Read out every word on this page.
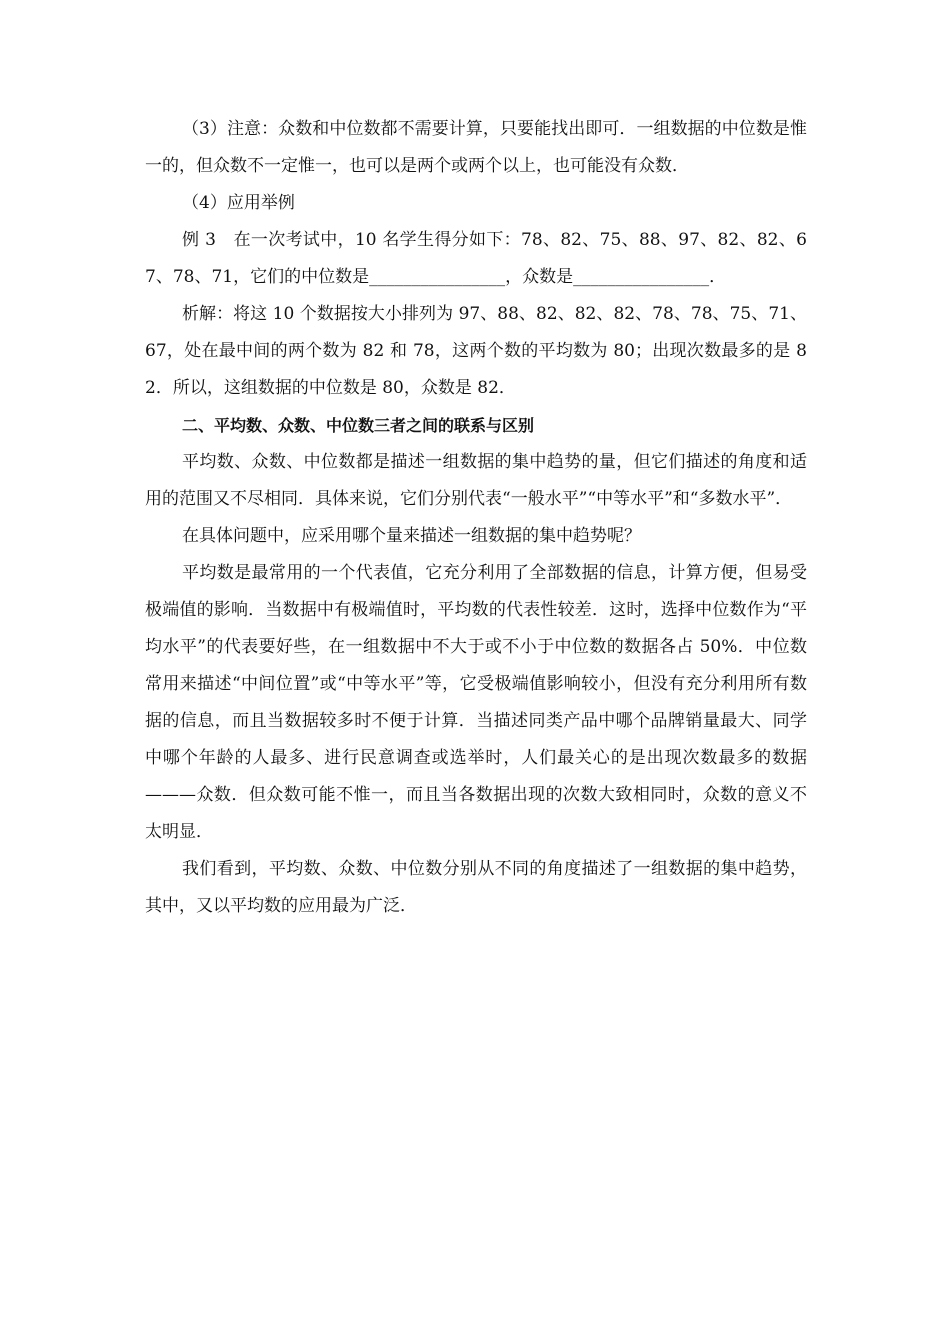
（3）注意：众数和中位数都不需要计算，只要能找出即可．一组数据的中位数是惟一的，但众数不一定惟一，也可以是两个或两个以上，也可能没有众数．

（4）应用举例

例 3　在一次考试中，10 名学生得分如下：78、82、75、88、97、82、82、67、78、71，它们的中位数是________________，众数是________________．

析解：将这 10 个数据按大小排列为 97、88、82、82、82、78、78、75、71、67，处在最中间的两个数为 82 和 78，这两个数的平均数为 80；出现次数最多的是 82．所以，这组数据的中位数是 80，众数是 82．

二、平均数、众数、中位数三者之间的联系与区别

平均数、众数、中位数都是描述一组数据的集中趋势的量，但它们描述的角度和适用的范围又不尽相同．具体来说，它们分别代表“一般水平”“中等水平”和“多数水平”．

在具体问题中，应采用哪个量来描述一组数据的集中趋势呢？

平均数是最常用的一个代表值，它充分利用了全部数据的信息，计算方便，但易受极端值的影响．当数据中有极端值时，平均数的代表性较差．这时，选择中位数作为“平均水平”的代表要好些，在一组数据中不大于或不小于中位数的数据各占 50%．中位数常用来描述“中间位置”或“中等水平”等，它受极端值影响较小，但没有充分利用所有数据的信息，而且当数据较多时不便于计算．当描述同类产品中哪个品牌销量最大、同学中哪个年龄的人最多、进行民意调查或选举时，人们最关心的是出现次数最多的数据———众数．但众数可能不惟一，而且当各数据出现的次数大致相同时，众数的意义不太明显．

我们看到，平均数、众数、中位数分别从不同的角度描述了一组数据的集中趋势，其中，又以平均数的应用最为广泛．
